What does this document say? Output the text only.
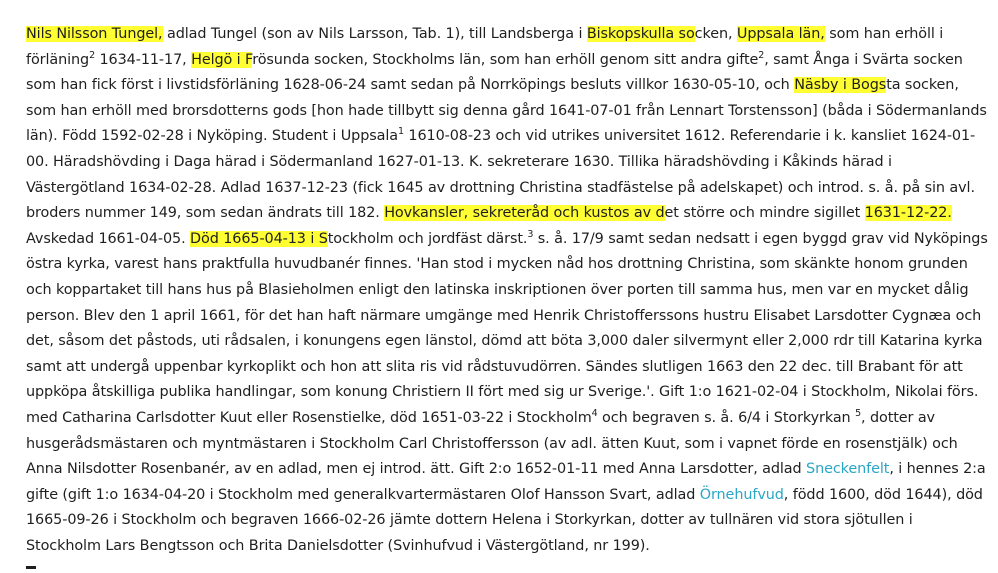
Nils Nilsson Tungel, adlad Tungel (son av Nils Larsson, Tab. 1), till Landsberga i Biskopskulla socken, Uppsala län, som han erhöll i förläning$^2$ 1634-11-17, Helgö i Frösunda socken, Stockholms län, som han erhöll genom sitt andra gifte$^2$, samt Ånga i Svärta socken som han fick först i livstidsförläning 1628-06-24 samt sedan på Norrköpings besluts villkor 1630-05-10, och Näsby i Bogsta socken, som han erhöll med brorsdotterns gods [hon hade tillbytt sig denna gård 1641-07-01 från Lennart Torstensson] (båda i Södermanlands län). Född 1592-02-28 i Nyköping. Student i Uppsala$^1$ 1610-08-23 och vid utrikes universitet 1612. Referendarie i k. kansliet 1624-01-00. Häradshövding i Daga härad i Södermanland 1627-01-13. K. sekreterare 1630. Tillika häradshövding i Kåkinds härad i Västergötland 1634-02-28. Adlad 1637-12-23 (fick 1645 av drottning Christina stadfästelse på adelskapet) och introd. s. å. på sin avl. broders nummer 149, som sedan ändrats till 182. Hovkansler, sekreteråd och kustos av det större och mindre sigillet 1631-12-22. Avskedad 1661-04-05. Död 1665-04-13 i Stockholm och jordfäst därst.$^3$ s. å. 17/9 samt sedan nedsatt i egen byggd grav vid Nyköpings östra kyrka, varest hans praktfulla huvudbanér finnes. 'Han stod i mycken nåd hos drottning Christina, som skänkte honom grunden och koppartaket till hans hus på Blasieholmen enligt den latinska inskriptionen över porten till samma hus, men var en mycket dålig person. Blev den 1 april 1661, för det han haft närmare umgänge med Henrik Christofferssons hustru Elisabet Larsdotter Cygnæa och det, såsom det påstods, uti rådsalen, i konungens egen länstol, dömd att böta 3,000 daler silvermynt eller 2,000 rdr till Katarina kyrka samt att undergå uppenbar kyrkoplikt och hon att slita ris vid rådstuvudörren. Sändes slutligen 1663 den 22 dec. till Brabant för att uppköpa åtskilliga publika handlingar, som konung Christiern II fört med sig ur Sverige.'. Gift 1:o 1621-02-04 i Stockholm, Nikolai förs. med Catharina Carlsdotter Kuut eller Rosenstielke, död 1651-03-22 i Stockholm$^4$ och begraven s. å. 6/4 i Storkyrkan $^5$, dotter av husgerådsmästaren och myntmästaren i Stockholm Carl Christoffersson (av adl. ätten Kuut, som i vapnet förde en rosenstjälk) och Anna Nilsdotter Rosenbanér, av en adlad, men ej introd. ätt. Gift 2:o 1652-01-11 med Anna Larsdotter, adlad Sneckenfelt, i hennes 2:a gifte (gift 1:o 1634-04-20 i Stockholm med generalkvartermästaren Olof Hansson Svart, adlad Örnehufvud, född 1600, död 1644), död 1665-09-26 i Stockholm och begraven 1666-02-26 jämte dottern Helena i Storkyrkan, dotter av tullnären vid stora sjötullen i Stockholm Lars Bengtsson och Brita Danielsdotter (Svinhufvud i Västergötland, nr 199).
